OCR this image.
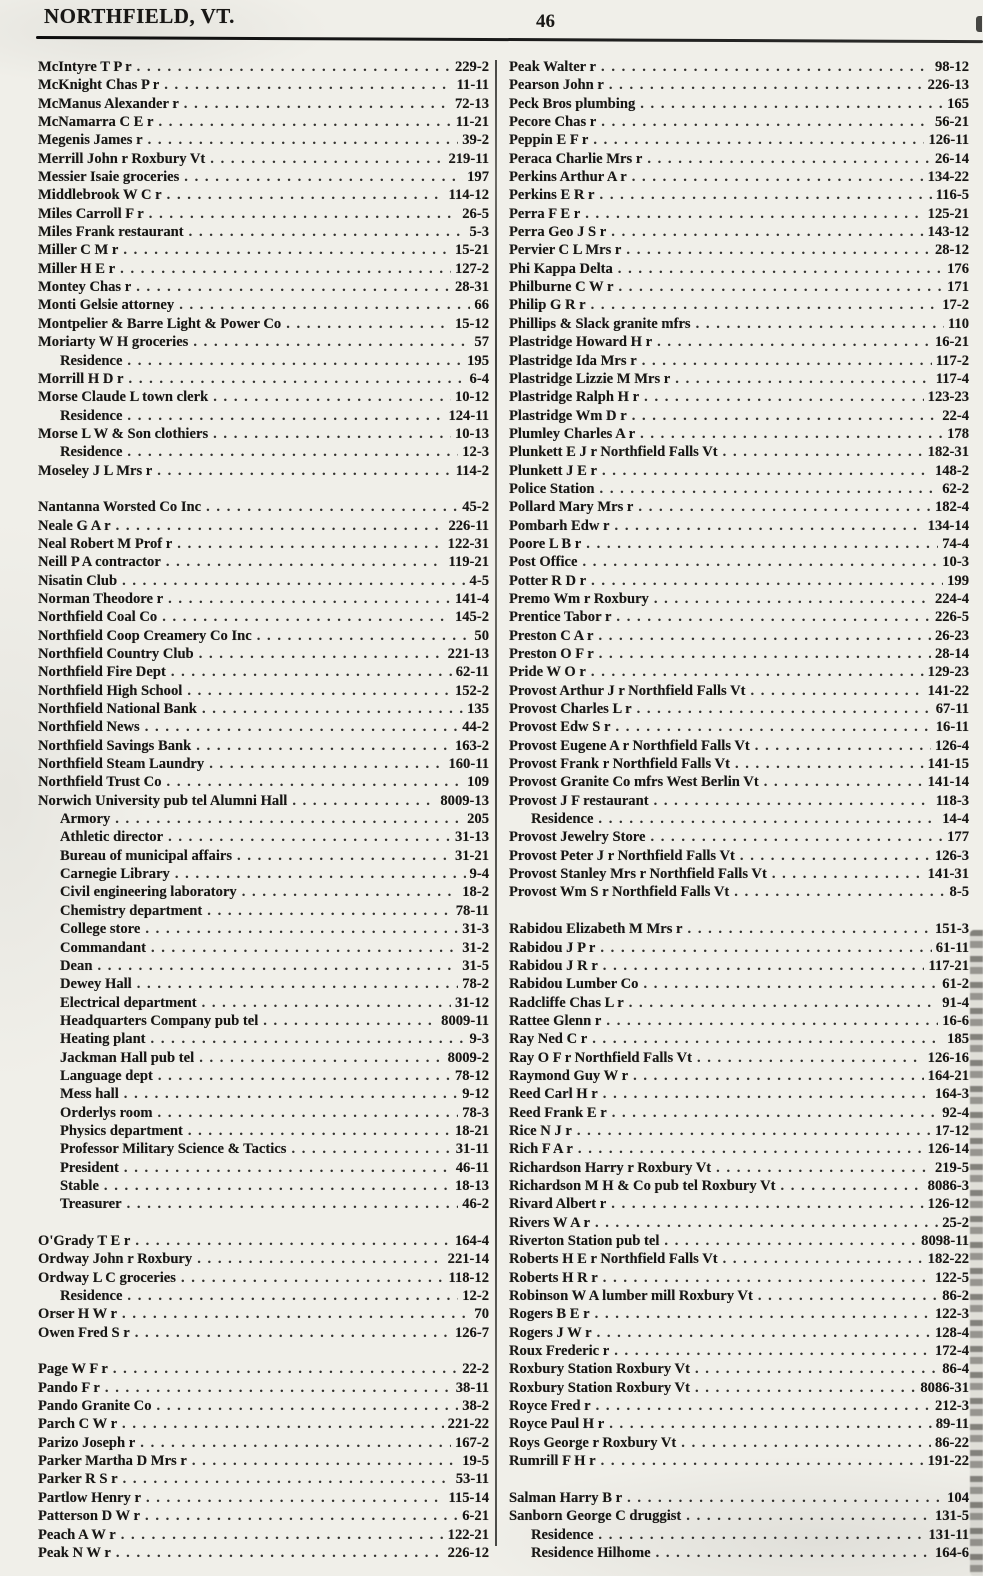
NORTHFIELD, VT.	46
McIntyre T P r . . .	229-2
McKnight Chas P r . . .	11-11
McManus Alexander r . . .	72-13
McNamarra C E r . . .	11-21
Megenis James r . . .	39-2
Merrill John r Roxbury Vt . . .	219-11
Messier Isaie groceries . . .	197
Middlebrook W C r . . .	114-12
Miles Carroll F r . . .	26-5
Miles Frank restaurant . . .	5-3
Miller C M r . . .	15-21
Miller H E r . . .	127-2
Montey Chas r . . .	28-31
Monti Gelsie attorney . . .	66
Montpelier & Barre Light & Power Co . . .	15-12
Moriarty W H groceries . . .	57
Residence . . .	195
Morrill H D r . . .	6-4
Morse Claude L town clerk . . .	10-12
Residence . . .	124-11
Morse L W & Son clothiers . . .	10-13
Residence . . .	12-3
Moseley J L Mrs r . . .	114-2
Nantanna Worsted Co Inc . . .	45-2
Neale G A r . . .	226-11
Neal Robert M Prof r . . .	122-31
Neill P A contractor . . .	119-21
Nisatin Club . . .	4-5
Norman Theodore r . . .	141-4
Northfield Coal Co . . .	145-2
Northfield Coop Creamery Co Inc . . .	50
Northfield Country Club . . .	221-13
Northfield Fire Dept . . .	62-11
Northfield High School . . .	152-2
Northfield National Bank . . .	135
Northfield News . . .	44-2
Northfield Savings Bank . . .	163-2
Northfield Steam Laundry . . .	160-11
Northfield Trust Co . . .	109
Norwich University pub tel Alumni Hall . . .	8009-13
Armory . . .	205
Athletic director . . .	31-13
Bureau of municipal affairs . . .	31-21
Carnegie Library . . .	9-4
Civil engineering laboratory . . .	18-2
Chemistry department . . .	78-11
College store . . .	31-3
Commandant . . .	31-2
Dean . . .	31-5
Dewey Hall . . .	78-2
Electrical department . . .	31-12
Headquarters Company pub tel . . .	8009-11
Heating plant . . .	9-3
Jackman Hall pub tel . . .	8009-2
Language dept . . .	78-12
Mess hall . . .	9-12
Orderlys room . . .	78-3
Physics department . . .	18-21
Professor Military Science & Tactics . . .	31-11
President . . .	46-11
Stable . . .	18-13
Treasurer . . .	46-2
O'Grady T E r . . .	164-4
Ordway John r Roxbury . . .	221-14
Ordway L C groceries . . .	118-12
Residence . . .	12-2
Orser H W r . . .	70
Owen Fred S r . . .	126-7
Page W F r . . .	22-2
Pando F r . . .	38-11
Pando Granite Co . . .	38-2
Parch C W r . . .	221-22
Parizo Joseph r . . .	167-2
Parker Martha D Mrs r . . .	19-5
Parker R S r . . .	53-11
Partlow Henry r . . .	115-14
Patterson D W r . . .	6-21
Peach A W r . . .	122-21
Peak N W r . . .	226-12
Peak Walter r . . .	98-12
Pearson John r . . .	226-13
Peck Bros plumbing . . .	165
Pecore Chas r . . .	56-21
Peppin E F r . . .	126-11
Peraca Charlie Mrs r . . .	26-14
Perkins Arthur A r . . .	134-22
Perkins E R r . . .	116-5
Perra F E r . . .	125-21
Perra Geo J S r . . .	143-12
Pervier C L Mrs r . . .	28-12
Phi Kappa Delta . . .	176
Philburne C W r . . .	171
Philip G R r . . .	17-2
Phillips & Slack granite mfrs . . .	110
Plastridge Howard H r . . .	16-21
Plastridge Ida Mrs r . . .	117-2
Plastridge Lizzie M Mrs r . . .	117-4
Plastridge Ralph H r . . .	123-23
Plastridge Wm D r . . .	22-4
Plumley Charles A r . . .	178
Plunkett E J r Northfield Falls Vt . . .	182-31
Plunkett J E r . . .	148-2
Police Station . . .	62-2
Pollard Mary Mrs r . . .	182-4
Pombarh Edw r . . .	134-14
Poore L B r . . .	74-4
Post Office . . .	10-3
Potter R D r . . .	199
Premo Wm r Roxbury . . .	224-4
Prentice Tabor r . . .	226-5
Preston C A r . . .	26-23
Preston O F r . . .	28-14
Pride W O r . . .	129-23
Provost Arthur J r Northfield Falls Vt . . .	141-22
Provost Charles L r . . .	67-11
Provost Edw S r . . .	16-11
Provost Eugene A r Northfield Falls Vt . . .	126-4
Provost Frank r Northfield Falls Vt . . .	141-15
Provost Granite Co mfrs West Berlin Vt . . .	141-14
Provost J F restaurant . . .	118-3
Residence . . .	14-4
Provost Jewelry Store . . .	177
Provost Peter J r Northfield Falls Vt . . .	126-3
Provost Stanley Mrs r Northfield Falls Vt . . .	141-31
Provost Wm S r Northfield Falls Vt . . .	8-5
Rabidou Elizabeth M Mrs r . . .	151-3
Rabidou J P r . . .	61-11
Rabidou J R r . . .	117-21
Rabidou Lumber Co . . .	61-2
Radcliffe Chas L r . . .	91-4
Rattee Glenn r . . .	16-6
Ray Ned C r . . .	185
Ray O F r Northfield Falls Vt . . .	126-16
Raymond Guy W r . . .	164-21
Reed Carl H r . . .	164-3
Reed Frank E r . . .	92-4
Rice N J r . . .	17-12
Rich F A r . . .	126-14
Richardson Harry r Roxbury Vt . . .	219-5
Richardson M H & Co pub tel Roxbury Vt . . .	8086-3
Rivard Albert r . . .	126-12
Rivers W A r . . .	25-2
Riverton Station pub tel . . .	8098-11
Roberts H E r Northfield Falls Vt . . .	182-22
Roberts H R r . . .	122-5
Robinson W A lumber mill Roxbury Vt . . .	86-2
Rogers B E r . . .	122-3
Rogers J W r . . .	128-4
Roux Frederic r . . .	172-4
Roxbury Station Roxbury Vt . . .	86-4
Roxbury Station Roxbury Vt . . .	8086-31
Royce Fred r . . .	212-3
Royce Paul H r . . .	89-11
Roys George r Roxbury Vt . . .	86-22
Rumrill F H r . . .	191-22
Salman Harry B r . . .	104
Sanborn George C druggist . . .	131-5
Residence . . .	131-11
Residence Hilhome . . .	164-6
